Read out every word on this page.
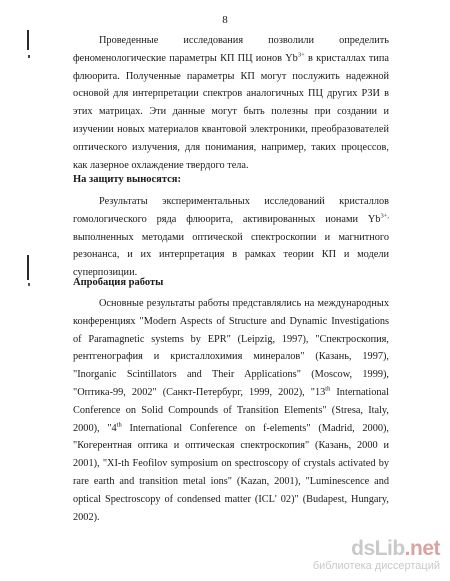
8
Проведенные исследования позволили определить феноменологические параметры КП ПЦ ионов $Yb^{3+}$ в кристаллах типа флюорита. Полученные параметры КП могут послужить надежной основой для интерпретации спектров аналогичных ПЦ других РЗИ в этих матрицах. Эти данные могут быть полезны при создании и изучении новых материалов квантовой электроники, преобразователей оптического излучения, для понимания, например, таких процессов, как лазерное охлаждение твердого тела.
На защиту выносятся:
Результаты экспериментальных исследований кристаллов гомологического ряда флюорита, активированных ионами $Yb^{3+,}$ выполненных методами оптической спектроскопии и магнитного резонанса, и их интерпретация в рамках теории КП и модели суперпозиции.
Апробация работы
Основные результаты работы представлялись на международных конференциях "Modern Aspects of Structure and Dynamic Investigations of Paramagnetic systems by EPR" (Leipzig, 1997), "Спектроскопия, рентгенография и кристаллохимия минералов" (Казань, 1997), "Inorganic Scintillators and Their Applications" (Moscow, 1999), "Оптика-99, 2002" (Санкт-Петербург, 1999, 2002), "13th International Conference on Solid Compounds of Transition Elements" (Stresa, Italy, 2000), "4th International Conference on f-elements" (Madrid, 2000), "Когерентная оптика и оптическая спектроскопия" (Казань, 2000 и 2001), "XI-th Feofilov symposium on spectroscopy of crystals activated by rare earth and transition metal ions" (Kazan, 2001), "Luminescence and optical Spectroscopy of condensed matter (ICL' 02)" (Budapest, Hungary, 2002).
dsLib.net
библиотека диссертаций
